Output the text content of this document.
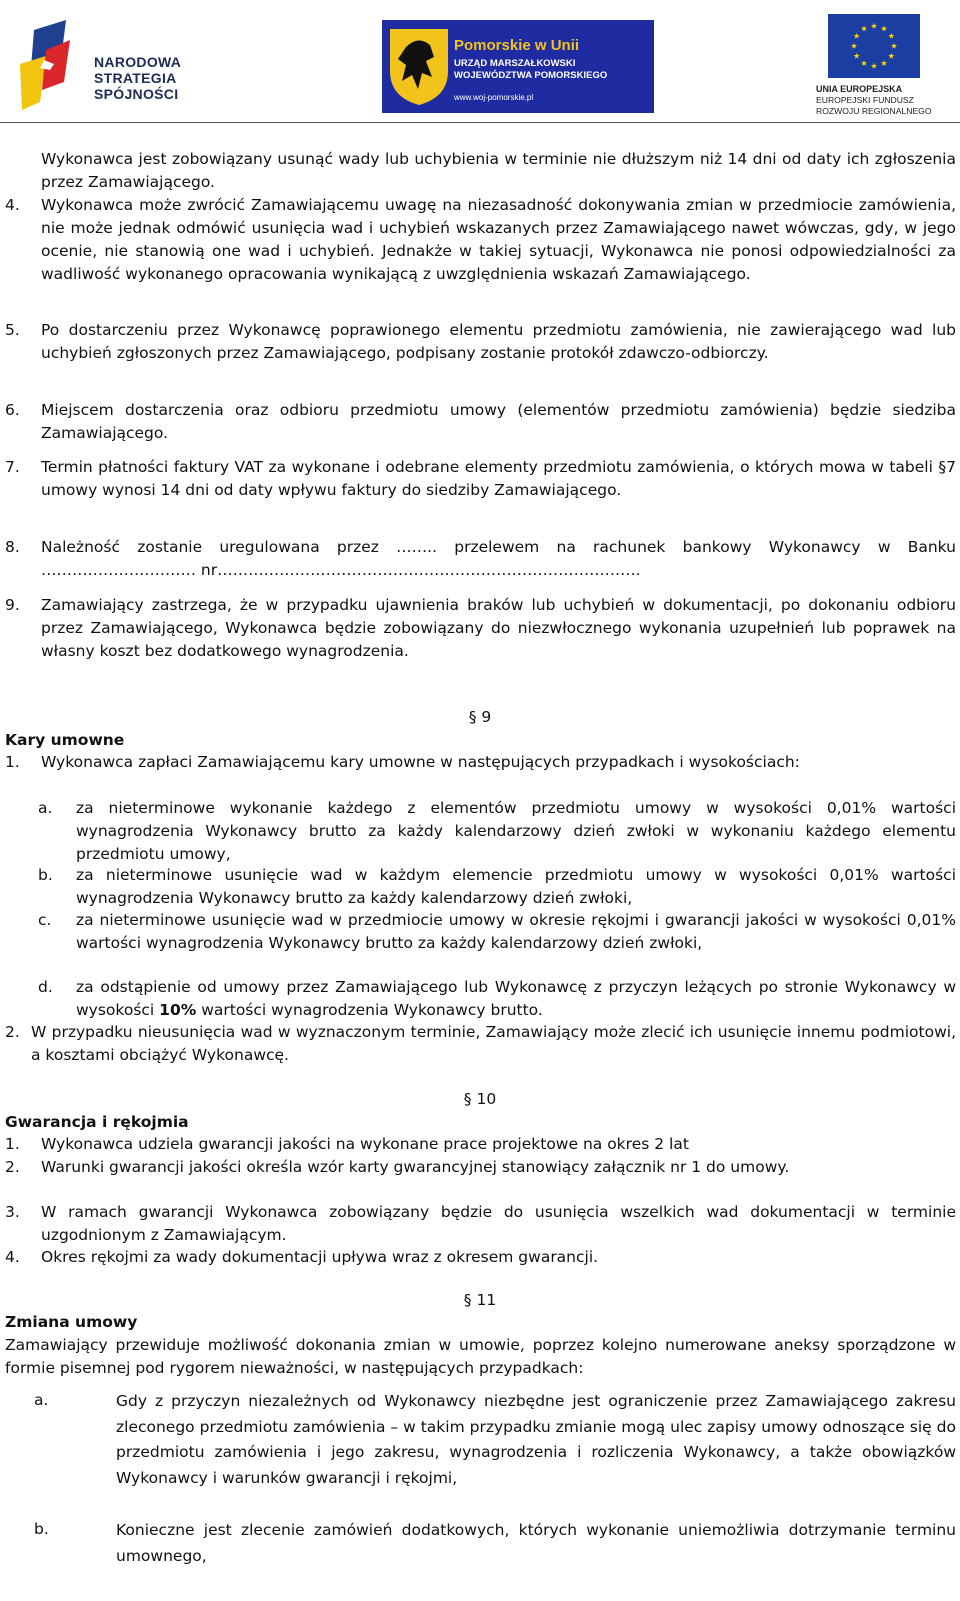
NARODOWA
STRATEGIA SPÓJNOŚCI
Pomorskie w Unii
URZĄD MARSZAŁKOWSKI
WOJEWÓDZTWA POMORSKIEGO
www.woj-pomorskie.pl
UNIA EUROPEJSKA
EUROPEJSKI FUNDUSZ
ROZWOJU REGIONALNEGO
Wykonawca jest zobowiązany usunąć wady lub uchybienia w terminie nie dłuższym niż 14 dni od daty ich zgłoszenia przez Zamawiającego.
4. Wykonawca może zwrócić Zamawiającemu uwagę na niezasadność dokonywania zmian w przedmiocie zamówienia, nie może jednak odmówić usunięcia wad i uchybień wskazanych przez Zamawiającego nawet wówczas, gdy, w jego ocenie, nie stanowią one wad i uchybień. Jednakże w takiej sytuacji, Wykonawca nie ponosi odpowiedzialności za wadliwość wykonanego opracowania wynikającą z uwzględnienia wskazań Zamawiającego.
5. Po dostarczeniu przez Wykonawcę poprawionego elementu przedmiotu zamówienia, nie zawierającego wad lub uchybień zgłoszonych przez Zamawiającego, podpisany zostanie protokół zdawczo-odbiorczy.
6. Miejscem dostarczenia oraz odbioru przedmiotu umowy (elementów przedmiotu zamówienia) będzie siedziba Zamawiającego.
7. Termin płatności faktury VAT za wykonane i odebrane elementy przedmiotu zamówienia, o których mowa w tabeli §7 umowy wynosi 14 dni od daty wpływu faktury do siedziby Zamawiającego.
8. Należność zostanie uregulowana przez …….. przelewem na rachunek bankowy Wykonawcy w Banku ………………………… nr……………………………………………………………………….
9. Zamawiający zastrzega, że w przypadku ujawnienia braków lub uchybień w dokumentacji, po dokonaniu odbioru przez Zamawiającego, Wykonawca będzie zobowiązany do niezwłocznego wykonania uzupełnień lub poprawek na własny koszt bez dodatkowego wynagrodzenia.
§ 9
Kary umowne
1. Wykonawca zapłaci Zamawiającemu kary umowne w następujących przypadkach i wysokościach:
a. za nieterminowe wykonanie każdego z elementów przedmiotu umowy w wysokości 0,01% wartości wynagrodzenia Wykonawcy brutto za każdy kalendarzowy dzień zwłoki w wykonaniu każdego elementu przedmiotu umowy,
b. za nieterminowe usunięcie wad w każdym elemencie przedmiotu umowy w wysokości 0,01% wartości wynagrodzenia Wykonawcy brutto za każdy kalendarzowy dzień zwłoki,
c. za nieterminowe usunięcie wad w przedmiocie umowy w okresie rękojmi i gwarancji jakości w wysokości 0,01% wartości wynagrodzenia Wykonawcy brutto za każdy kalendarzowy dzień zwłoki,
d. za odstąpienie od umowy przez Zamawiającego lub Wykonawcę z przyczyn leżących po stronie Wykonawcy w wysokości 10% wartości wynagrodzenia Wykonawcy brutto.
2. W przypadku nieusunięcia wad w wyznaczonym terminie, Zamawiający może zlecić ich usunięcie innemu podmiotowi, a kosztami obciążyć Wykonawcę.
§ 10
Gwarancja i rękojmia
1. Wykonawca udziela gwarancji jakości na wykonane prace projektowe na okres 2 lat
2. Warunki gwarancji jakości określa wzór karty gwarancyjnej stanowiący załącznik nr 1 do umowy.
3. W ramach gwarancji Wykonawca zobowiązany będzie do usunięcia wszelkich wad dokumentacji w terminie uzgodnionym z Zamawiającym.
4. Okres rękojmi za wady dokumentacji upływa wraz z okresem gwarancji.
§ 11
Zmiana umowy
Zamawiający przewiduje możliwość dokonania zmian w umowie, poprzez kolejno numerowane aneksy sporządzone w formie pisemnej pod rygorem nieważności, w następujących przypadkach:
a.	Gdy z przyczyn niezależnych od Wykonawcy niezbędne jest ograniczenie przez Zamawiającego zakresu zleconego przedmiotu zamówienia – w takim przypadku zmianie mogą ulec zapisy umowy odnoszące się do przedmiotu zamówienia i jego zakresu, wynagrodzenia i rozliczenia Wykonawcy, a także obowiązków Wykonawcy i warunków gwarancji i rękojmi,
b.	Konieczne jest zlecenie zamówień dodatkowych, których wykonanie uniemożliwia dotrzymanie terminu umownego,
